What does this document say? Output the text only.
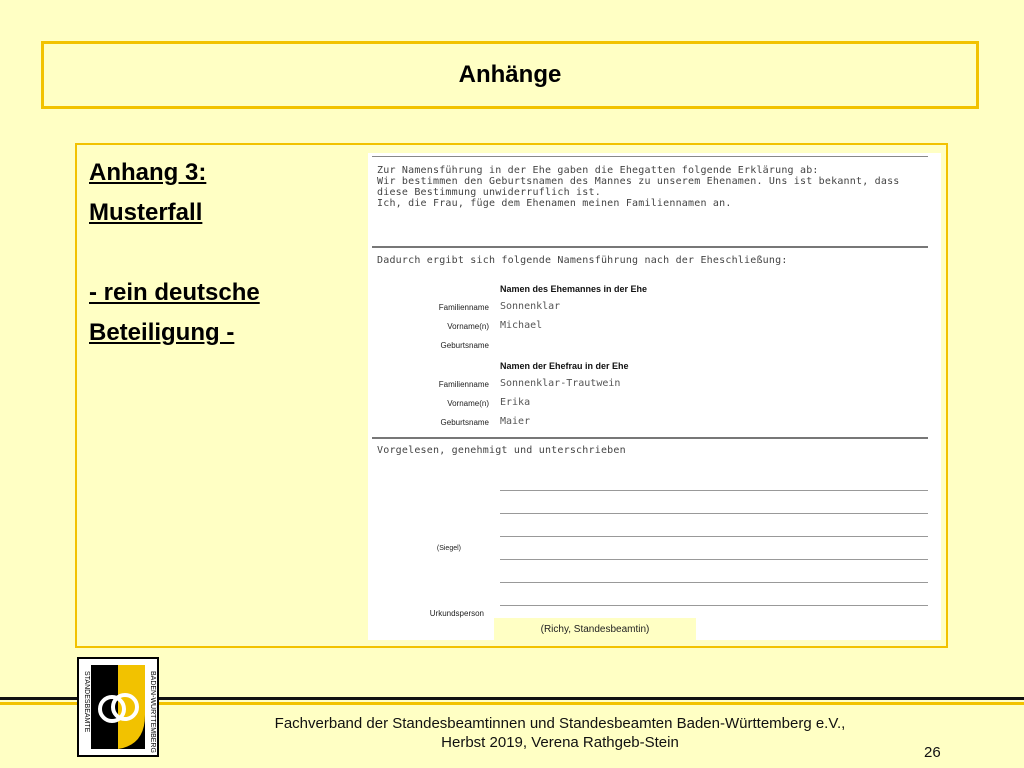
Anhänge
Anhang 3:
Musterfall
- rein deutsche
Beteiligung -
Zur Namensführung in der Ehe gaben die Ehegatten folgende Erklärung ab:
Wir bestimmen den Geburtsnamen des Mannes zu unserem Ehenamen. Uns ist bekannt, dass
diese Bestimmung unwiderruflich ist.
Ich, die Frau, füge dem Ehenamen meinen Familiennamen an.
Dadurch ergibt sich folgende Namensführung nach der Eheschließung:
Namen des Ehemannes in der Ehe
Familienname Sonnenklar
Vorname(n) Michael
Geburtsname
Namen der Ehefrau in der Ehe
Familienname Sonnenklar-Trautwein
Vorname(n) Erika
Geburtsname Maier
Vorgelesen, genehmigt und unterschrieben
(Siegel)
Urkundsperson
(Richy, Standesbeamtin)
STANDESBEAMTE	BADEN-WÜRTTEMBERG	Fachverband der Standesbeamtinnen und Standesbeamten Baden-Württemberg e.V.,
Herbst 2019, Verena Rathgeb-Stein
26
